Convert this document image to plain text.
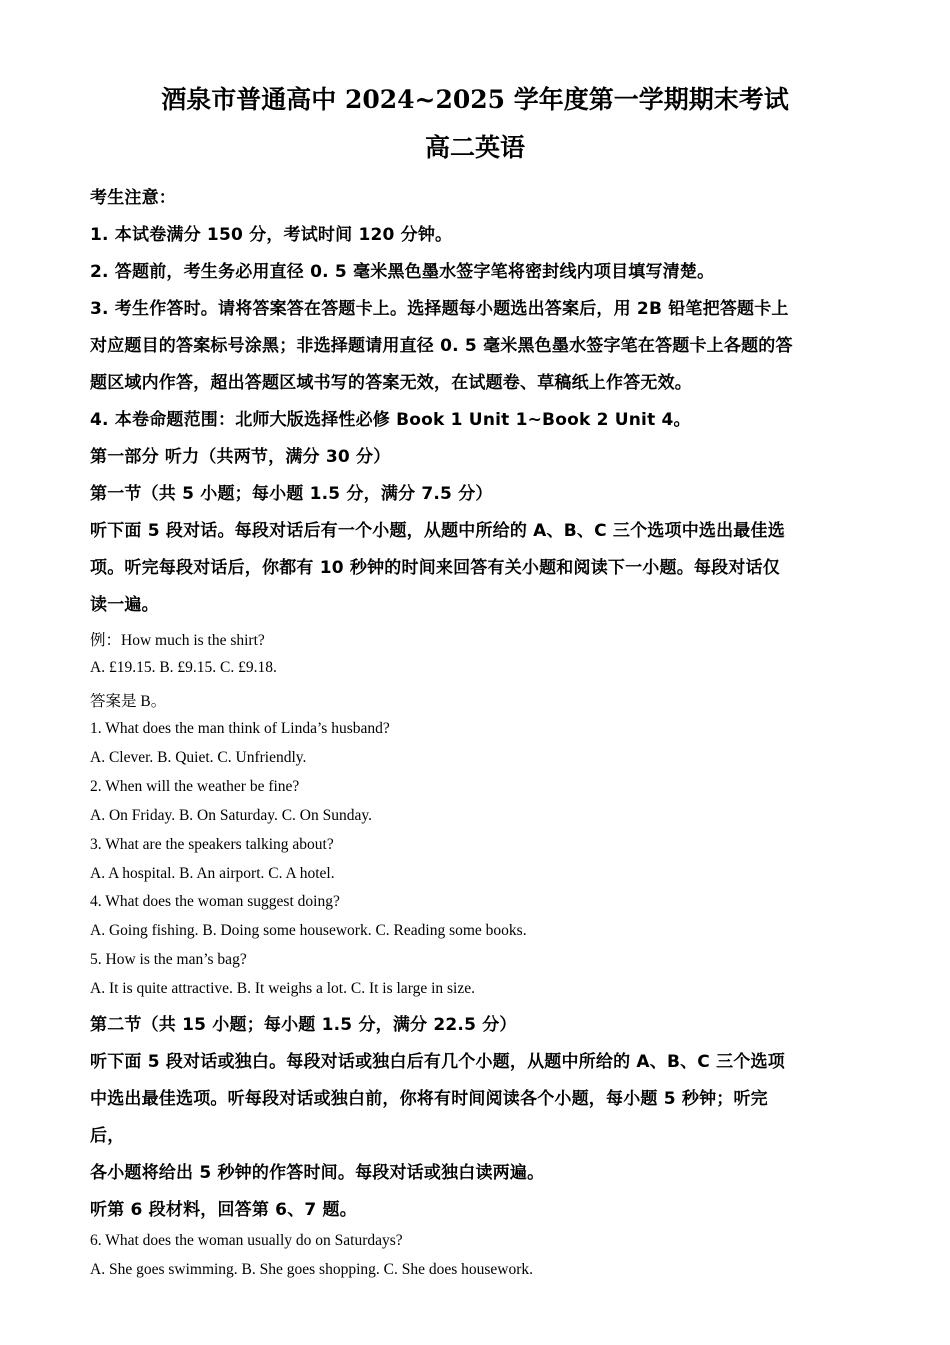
酒泉市普通高中 2024~2025 学年度第一学期期末考试
高二英语
考生注意：
1. 本试卷满分 150 分，考试时间 120 分钟。
2. 答题前，考生务必用直径 0. 5 毫米黑色墨水签字笔将密封线内项目填写清楚。
3. 考生作答时。请将答案答在答题卡上。选择题每小题选出答案后，用 2B 铅笔把答题卡上
对应题目的答案标号涂黑；非选择题请用直径 0. 5 毫米黑色墨水签字笔在答题卡上各题的答
题区域内作答，超出答题区域书写的答案无效，在试题卷、草稿纸上作答无效。
4. 本卷命题范围：北师大版选择性必修 Book 1 Unit 1~Book 2 Unit 4。
第一部分 听力（共两节，满分 30 分）
第一节（共 5 小题；每小题 1.5 分，满分 7.5 分）
听下面 5 段对话。每段对话后有一个小题，从题中所给的 A、B、C 三个选项中选出最佳选
项。听完每段对话后，你都有 10 秒钟的时间来回答有关小题和阅读下一小题。每段对话仅
读一遍。
例：How much is the shirt?
A. £19.15. B. £9.15. C. £9.18.
答案是 B。
1. What does the man think of Linda’s husband?
A. Clever. B. Quiet. C. Unfriendly.
2. When will the weather be fine?
A. On Friday. B. On Saturday. C. On Sunday.
3. What are the speakers talking about?
A. A hospital. B. An airport. C. A hotel.
4. What does the woman suggest doing?
A. Going fishing. B. Doing some housework. C. Reading some books.
5. How is the man’s bag?
A. It is quite attractive. B. It weighs a lot. C. It is large in size.
第二节（共 15 小题；每小题 1.5 分，满分 22.5 分）
听下面 5 段对话或独白。每段对话或独白后有几个小题，从题中所给的 A、B、C 三个选项
中选出最佳选项。听每段对话或独白前，你将有时间阅读各个小题，每小题 5 秒钟；听完
后，
各小题将给出 5 秒钟的作答时间。每段对话或独白读两遍。
听第 6 段材料，回答第 6、7 题。
6. What does the woman usually do on Saturdays?
A. She goes swimming. B. She goes shopping. C. She does housework.
